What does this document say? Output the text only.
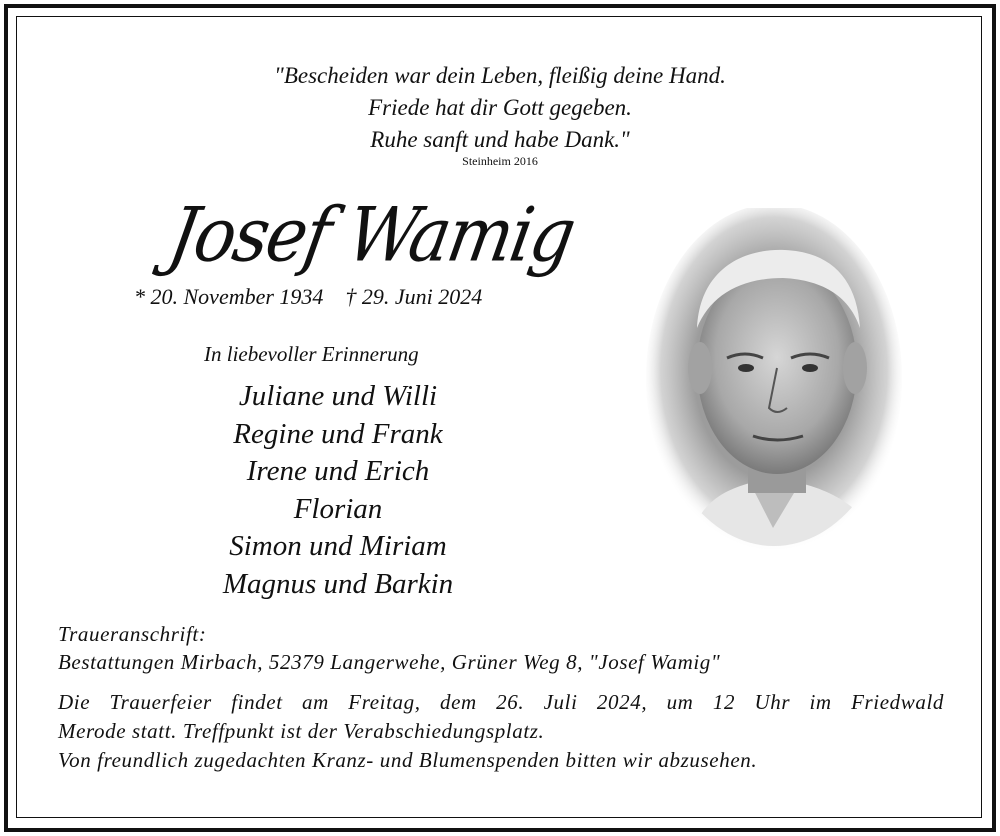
"Bescheiden war dein Leben, fleißig deine Hand.
Friede hat dir Gott gegeben.
Ruhe sanft und habe Dank."
Steinheim 2016
Josef Wamig
* 20. November 1934 † 29. Juni 2024
In liebevoller Erinnerung
Juliane und Willi
Regine und Frank
Irene und Erich
Florian
Simon und Miriam
Magnus und Barkin
Traueranschrift:
Bestattungen Mirbach, 52379 Langerwehe, Grüner Weg 8, "Josef Wamig"
Die Trauerfeier findet am Freitag, dem 26. Juli 2024, um 12 Uhr im Friedwald
Merode statt. Treffpunkt ist der Verabschiedungsplatz.
Von freundlich zugedachten Kranz- und Blumenspenden bitten wir abzusehen.
